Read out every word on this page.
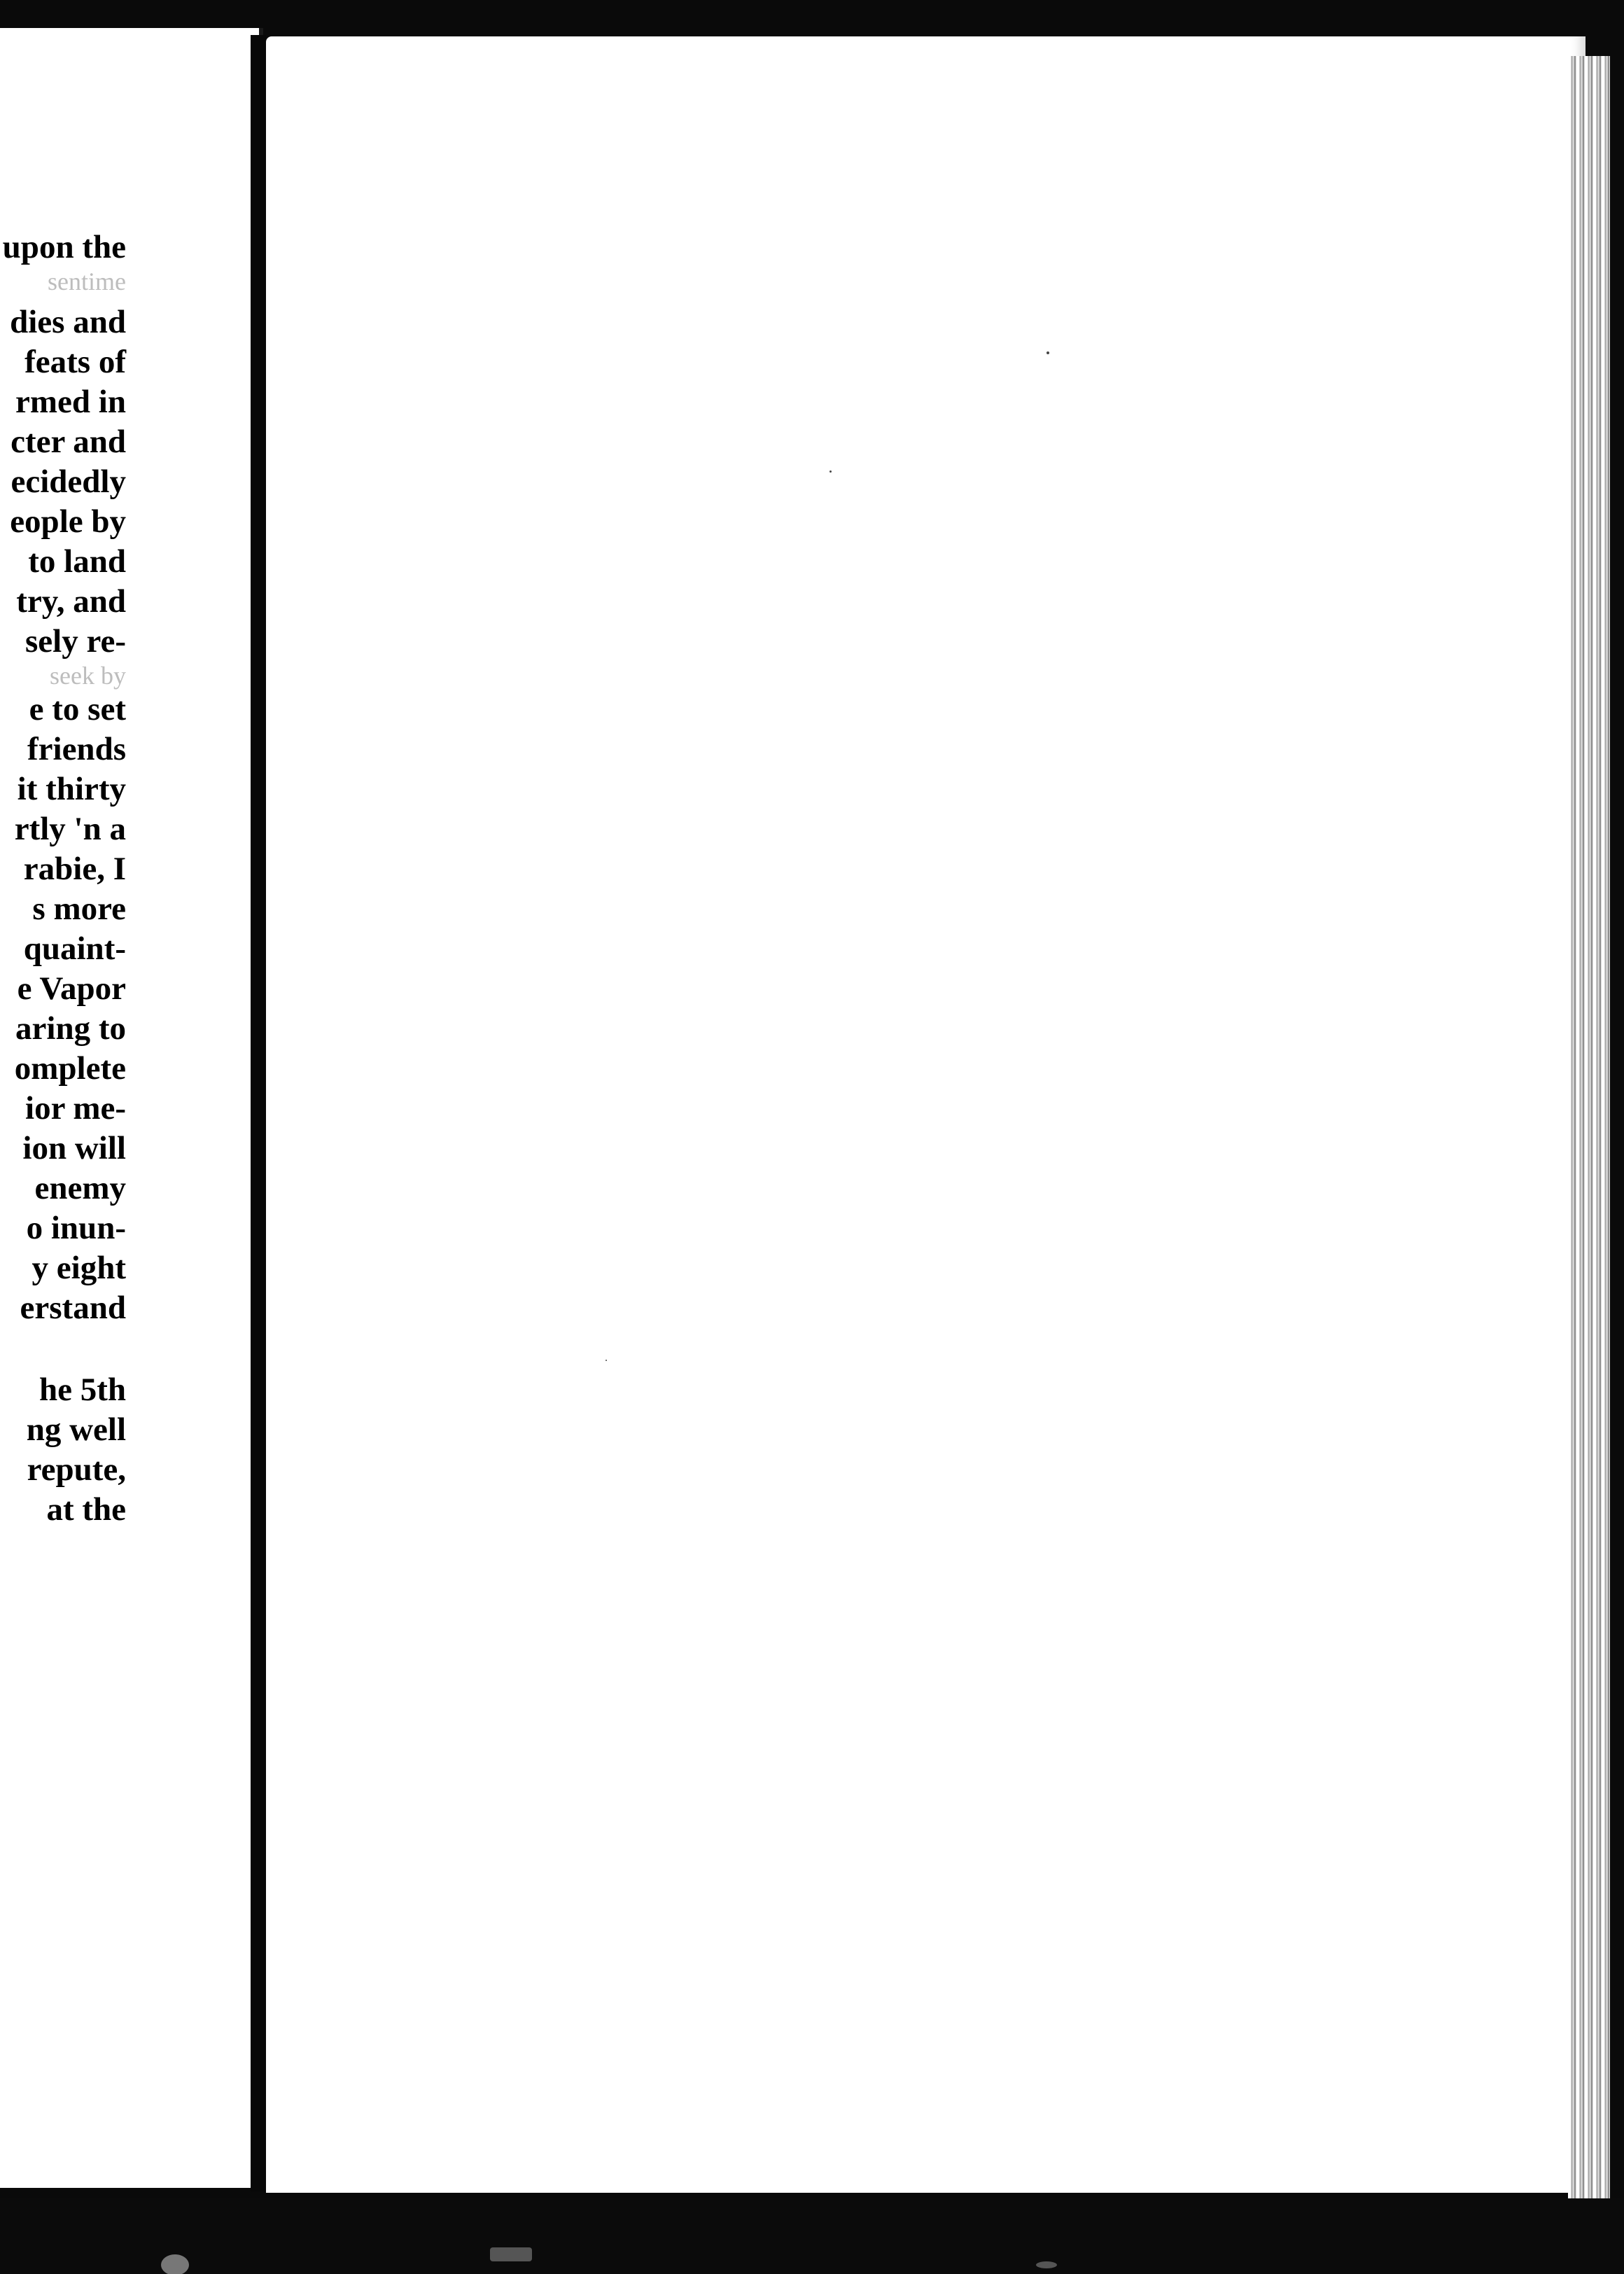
upon the
sentime
dies and
feats of
rmed in
cter and
ecidedly
eople by
to land
try, and
sely re-
seek by
e to set
friends
it thirty
rtly 'n a
rabie, I
s more
quaint-
e Vapor
aring to
omplete
ior me-
ion will
enemy
o inun-
y eight
erstand
he 5th
ng well
repute,
at the
